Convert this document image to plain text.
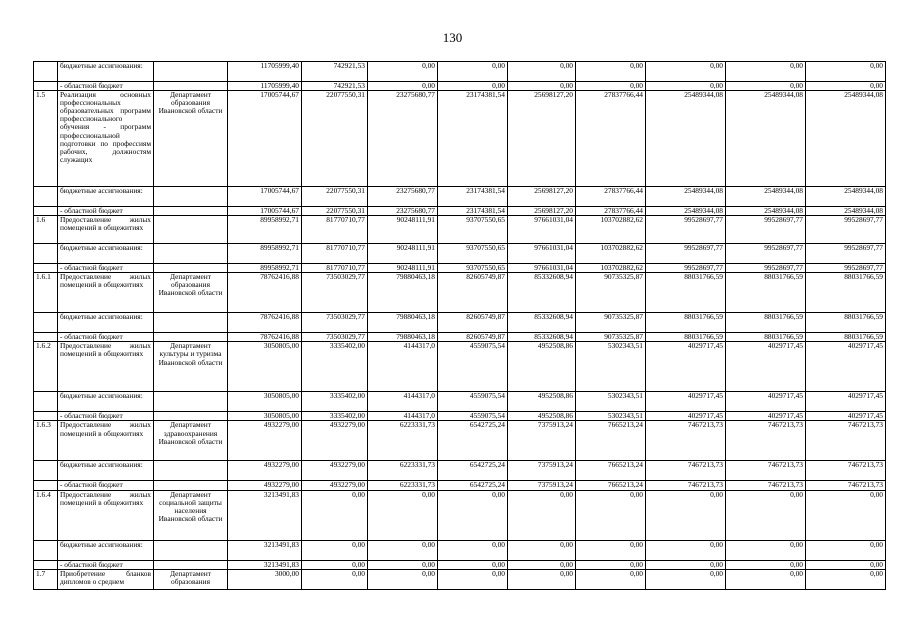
130
	бюджетные ассигнования:		11705999,40	742921,53	0,00	0,00	0,00	0,00	0,00	0,00	0,00
	- областной бюджет		11705999,40	742921,53	0,00	0,00	0,00	0,00	0,00	0,00	0,00
1.5	Реализация основных профессиональных образовательных программ профессионального обучения - программ профессиональной подготовки по профессиям рабочих, должностям служащих	Департамент образования Ивановской области	17005744,67	22077550,31	23275680,77	23174381,54	25698127,20	27837766,44	25489344,08	25489344,08	25489344,08
	бюджетные ассигнования:		17005744,67	22077550,31	23275680,77	23174381,54	25698127,20	27837766,44	25489344,08	25489344,08	25489344,08
	- областной бюджет		17005744,67	22077550,31	23275680,77	23174381,54	25698127,20	27837766,44	25489344,08	25489344,08	25489344,08
1.6	Предоставление жилых помещений в общежитиях		89958992,71	81770710,77	90248111,91	93707550,65	97661031,04	103702882,62	99528697,77	99528697,77	99528697,77
	бюджетные ассигнования:		89958992,71	81770710,77	90248111,91	93707550,65	97661031,04	103702882,62	99528697,77	99528697,77	99528697,77
	- областной бюджет		89958992,71	81770710,77	90248111,91	93707550,65	97661031,04	103702882,62	99528697,77	99528697,77	99528697,77
1.6.1	Предоставление жилых помещений в общежитиях	Департамент образования Ивановской области	78762416,88	73503029,77	79880463,18	82605749,87	85332608,94	90735325,87	88031766,59	88031766,59	88031766,59
	бюджетные ассигнования:		78762416,88	73503029,77	79880463,18	82605749,87	85332608,94	90735325,87	88031766,59	88031766,59	88031766,59
	- областной бюджет		78762416,88	73503029,77	79880463,18	82605749,87	85332608,94	90735325,87	88031766,59	88031766,59	88031766,59
1.6.2	Предоставление жилых помещений в общежитиях	Департамент культуры и туризма Ивановской области	3050805,00	3335402,00	4144317,0	4559075,54	4952508,86	5302343,51	4029717,45	4029717,45	4029717,45
	бюджетные ассигнования:		3050805,00	3335402,00	4144317,0	4559075,54	4952508,86	5302343,51	4029717,45	4029717,45	4029717,45
	- областной бюджет		3050805,00	3335402,00	4144317,0	4559075,54	4952508,86	5302343,51	4029717,45	4029717,45	4029717,45
1.6.3	Предоставление жилых помещений в общежитиях	Департамент здравоохранения Ивановской области	4932279,00	4932279,00	6223331,73	6542725,24	7375913,24	7665213,24	7467213,73	7467213,73	7467213,73
	бюджетные ассигнования:		4932279,00	4932279,00	6223331,73	6542725,24	7375913,24	7665213,24	7467213,73	7467213,73	7467213,73
	- областной бюджет		4932279,00	4932279,00	6223331,73	6542725,24	7375913,24	7665213,24	7467213,73	7467213,73	7467213,73
1.6.4	Предоставление жилых помещений в общежитиях	Департамент социальной защиты населения Ивановской области	3213491,83	0,00	0,00	0,00	0,00	0,00	0,00	0,00	0,00
	бюджетные ассигнования:		3213491,83	0,00	0,00	0,00	0,00	0,00	0,00	0,00	0,00
	- областной бюджет		3213491,83	0,00	0,00	0,00	0,00	0,00	0,00	0,00	0,00
1.7	Приобретение бланков дипломов о среднем	Департамент образования	3000,00	0,00	0,00	0,00	0,00	0,00	0,00	0,00	0,00
